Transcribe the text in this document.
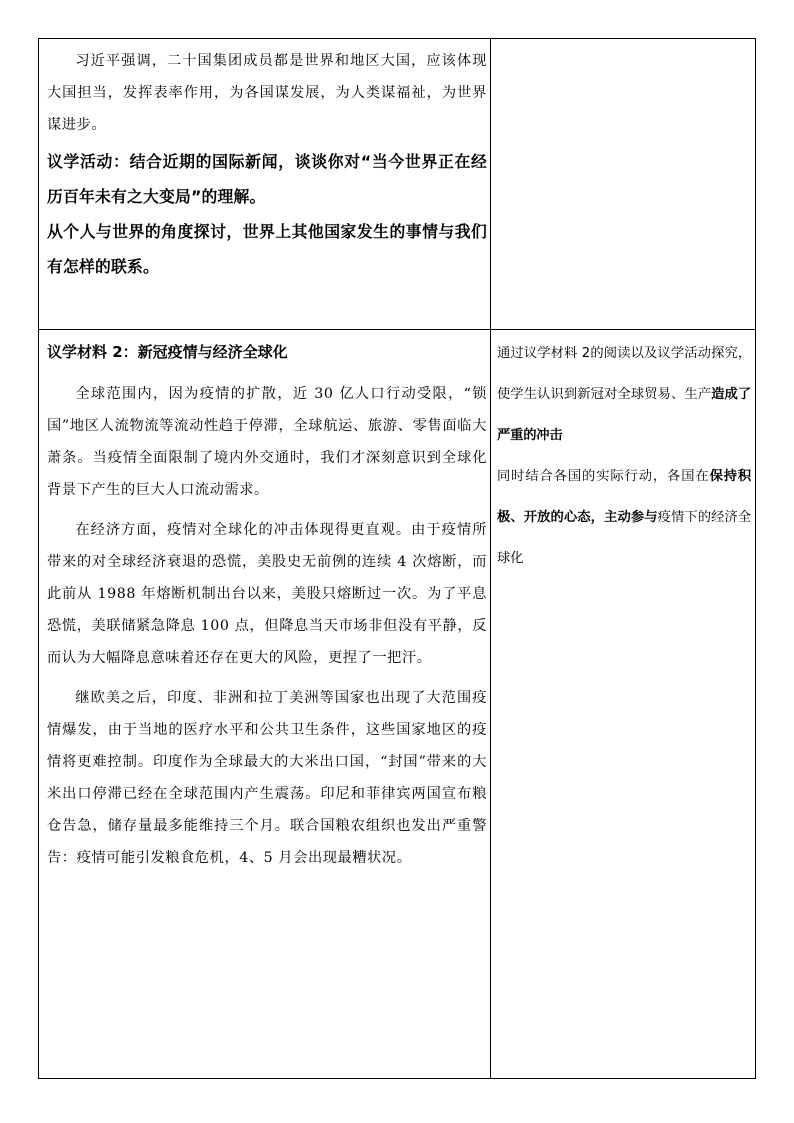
习近平强调，二十国集团成员都是世界和地区大国，应该体现大国担当，发挥表率作用，为各国谋发展，为人类谋福祉，为世界谋进步。

议学活动：结合近期的国际新闻，谈谈你对“当今世界正在经历百年未有之大变局”的理解。

从个人与世界的角度探讨，世界上其他国家发生的事情与我们有怎样的联系。

议学材料 2：新冠疫情与经济全球化

全球范围内，因为疫情的扩散，近 30 亿人口行动受限，“锁国”地区人流物流等流动性趋于停滞，全球航运、旅游、零售面临大萧条。当疫情全面限制了境内外交通时，我们才深刻意识到全球化背景下产生的巨大人口流动需求。

在经济方面，疫情对全球化的冲击体现得更直观。由于疫情所带来的对全球经济衰退的恐慌，美股史无前例的连续 4 次熔断，而此前从 1988 年熔断机制出台以来，美股只熔断过一次。为了平息恐慌，美联储紧急降息 100 点，但降息当天市场非但没有平静，反而认为大幅降息意味着还存在更大的风险，更捏了一把汗。

继欧美之后，印度、非洲和拉丁美洲等国家也出现了大范围疫情爆发，由于当地的医疗水平和公共卫生条件，这些国家地区的疫情将更难控制。印度作为全球最大的大米出口国，“封国”带来的大米出口停滞已经在全球范围内产生震荡。印尼和菲律宾两国宣布粮仓告急，储存量最多能维持三个月。联合国粮农组织也发出严重警告：疫情可能引发粮食危机，4、5 月会出现最糟状况。

通过议学材料 2的阅读以及议学活动探究，使学生认识到新冠对全球贸易、生产造成了严重的冲击

同时结合各国的实际行动，各国在保持积极、开放的心态，主动参与疫情下的经济全球化
